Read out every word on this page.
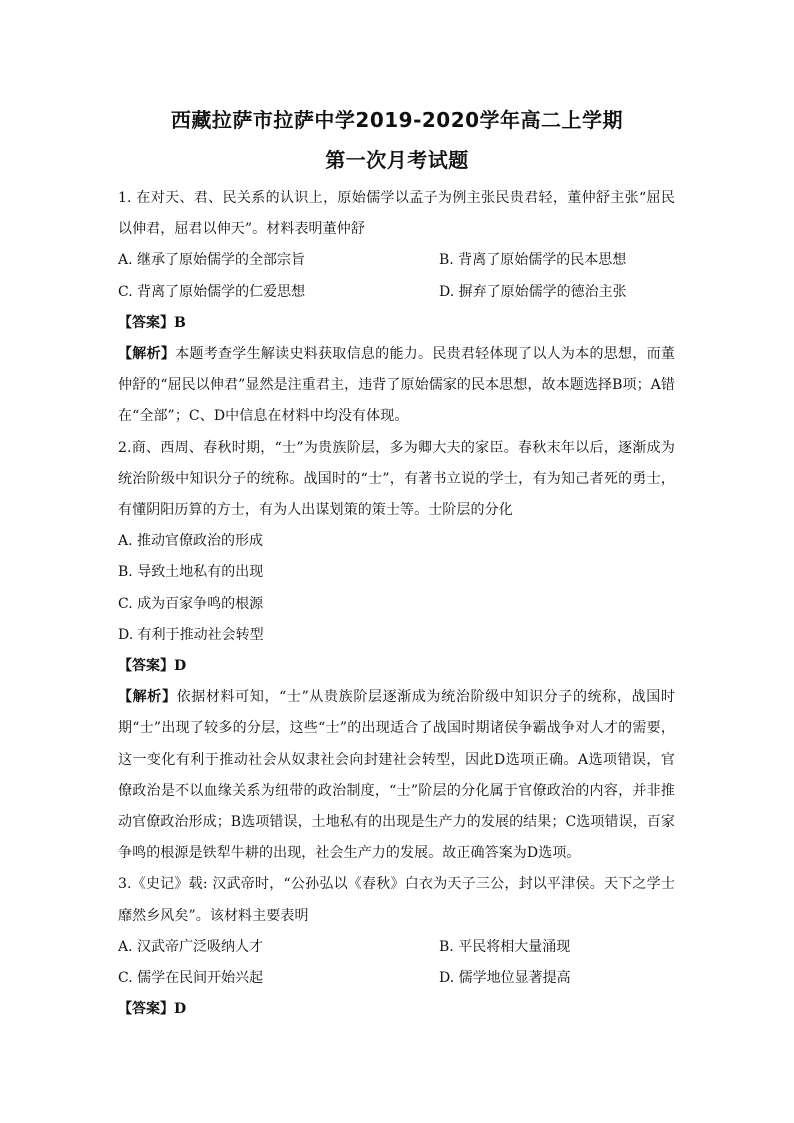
西藏拉萨市拉萨中学2019-2020学年高二上学期
第一次月考试题

1. 在对天、君、民关系的认识上，原始儒学以孟子为例主张民贵君轻，董仲舒主张“屈民以伸君，屈君以伸天”。材料表明董仲舒

A. 继承了原始儒学的全部宗旨	B. 背离了原始儒学的民本思想
C. 背离了原始儒学的仁爱思想	D. 摒弃了原始儒学的德治主张

【答案】B

【解析】本题考查学生解读史料获取信息的能力。民贵君轻体现了以人为本的思想，而董仲舒的“屈民以伸君”显然是注重君主，违背了原始儒家的民本思想，故本题选择B项；A错在“全部”；C、D中信息在材料中均没有体现。

2.商、西周、春秋时期，“士”为贵族阶层，多为卿大夫的家臣。春秋末年以后，逐渐成为统治阶级中知识分子的统称。战国时的“士”，有著书立说的学士，有为知己者死的勇士，有懂阴阳历算的方士，有为人出谋划策的策士等。士阶层的分化

A. 推动官僚政治的形成

B. 导致土地私有的出现

C. 成为百家争鸣的根源

D. 有利于推动社会转型

【答案】D

【解析】依据材料可知，“士”从贵族阶层逐渐成为统治阶级中知识分子的统称，战国时期“士”出现了较多的分层，这些“士”的出现适合了战国时期诸侯争霸战争对人才的需要，这一变化有利于推动社会从奴隶社会向封建社会转型，因此D选项正确。A选项错误，官僚政治是不以血缘关系为纽带的政治制度，“士”阶层的分化属于官僚政治的内容，并非推动官僚政治形成；B选项错误，土地私有的出现是生产力的发展的结果；C选项错误，百家争鸣的根源是铁犁牛耕的出现，社会生产力的发展。故正确答案为D选项。

3.《史记》载: 汉武帝时，“公孙弘以《春秋》白衣为天子三公，封以平津侯。天下之学士靡然乡风矣”。该材料主要表明

A. 汉武帝广泛吸纳人才	B. 平民将相大量涌现
C. 儒学在民间开始兴起	D. 儒学地位显著提高

【答案】D
